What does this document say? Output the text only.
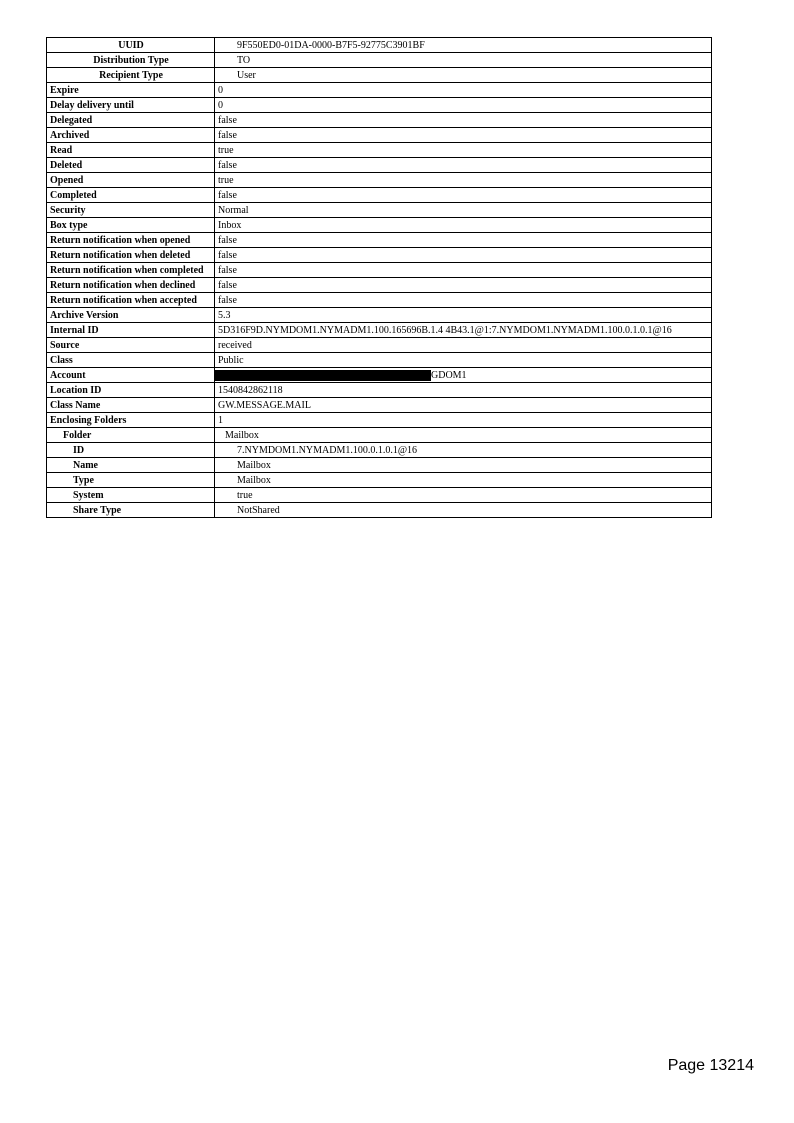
UUID	9F550ED0-01DA-0000-B7F5-92775C3901BF
Distribution Type	TO
Recipient Type	User
Expire	0
Delay delivery until	0
Delegated	false
Archived	false
Read	true
Deleted	false
Opened	true
Completed	false
Security	Normal
Box type	Inbox
Return notification when opened	false
Return notification when deleted	false
Return notification when completed	false
Return notification when declined	false
Return notification when accepted	false
Archive Version	5.3
Internal ID	5D316F9D.NYMDOM1.NYMADM1.100.165696B.1.4 4B43.1@1:7.NYMDOM1.NYMADM1.100.0.1.0.1@16
Source	received
Class	Public
Account	GDOM1
Location ID	1540842862118
Class Name	GW.MESSAGE.MAIL
Enclosing Folders	1
Folder	Mailbox
ID	7.NYMDOM1.NYMADM1.100.0.1.0.1@16
Name	Mailbox
Type	Mailbox
System	true
Share Type	NotShared
Page 13214
